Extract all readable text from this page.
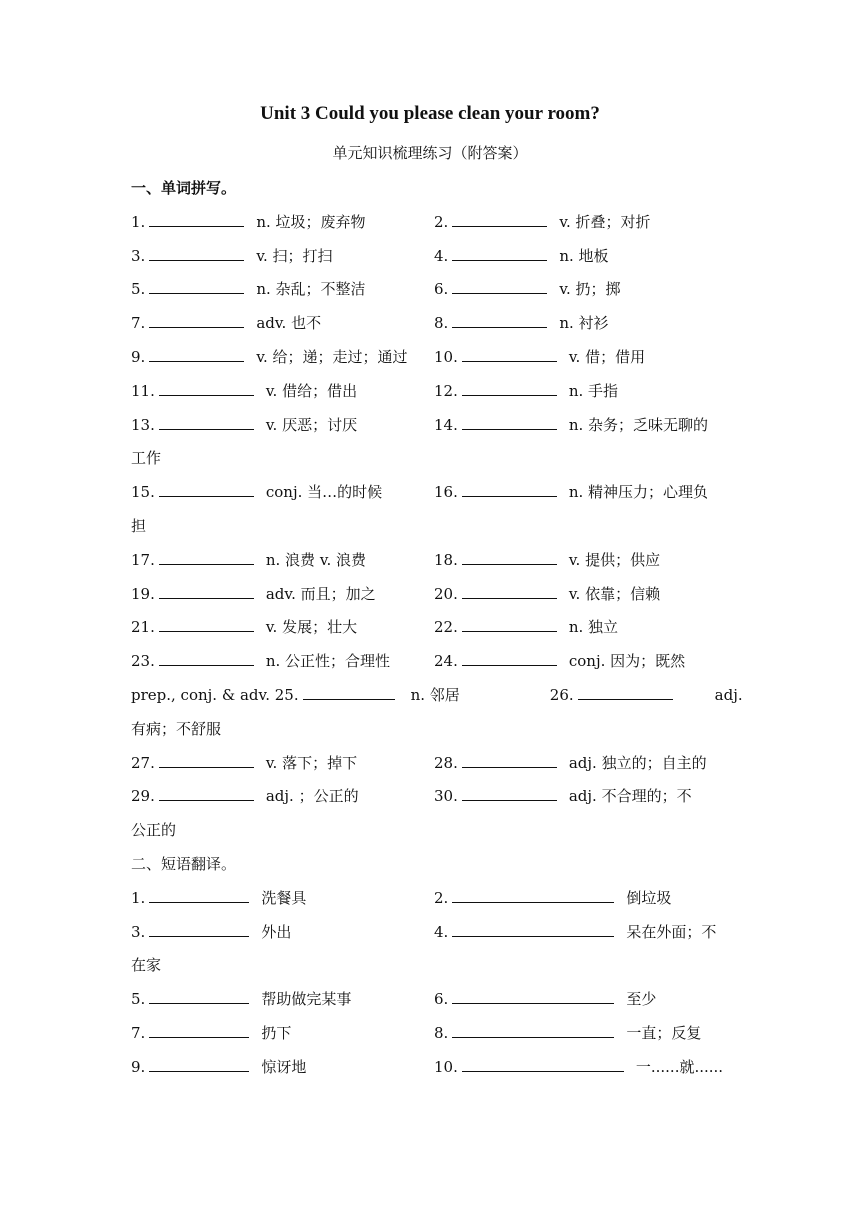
Unit 3 Could you please clean your room?
单元知识梳理练习（附答案）
一、单词拼写。
1.	n. 垃圾；废弃物	2.	v. 折叠；对折
3.	v. 扫；打扫	4.	n. 地板
5.	n. 杂乱；不整洁	6.	v. 扔；掷
7.	adv. 也不	8.	n. 衬衫
9.	v. 给；递；走过；通过 10.	v. 借；借用
11.	v. 借给；借出	12.	n. 手指
13.	v. 厌恶；讨厌	14.	n. 杂务；乏味无聊的
工作
15.	conj. 当…的时候	16.	n. 精神压力；心理负
担
17.	n. 浪费 v. 浪费	18.	v. 提供；供应
19.	adv. 而且；加之	20.	v. 依靠；信赖
21.	v. 发展；壮大	22.	n. 独立
23.	n. 公正性；合理性	24.	conj. 因为；既然
prep., conj. & adv. 25.	n. 邻居	26.	adj.
有病；不舒服
27.	v. 落下；掉下	28.	adj. 独立的；自主的
29.	adj. ；公正的	30.	adj. 不合理的；不
公正的
二、短语翻译。
1.	洗餐具	2.	倒垃圾
3.	外出	4.	呆在外面；不
在家
5.	帮助做完某事	6.	至少
7.	扔下	8.	一直；反复
9.	惊讶地	10.	一......就......
